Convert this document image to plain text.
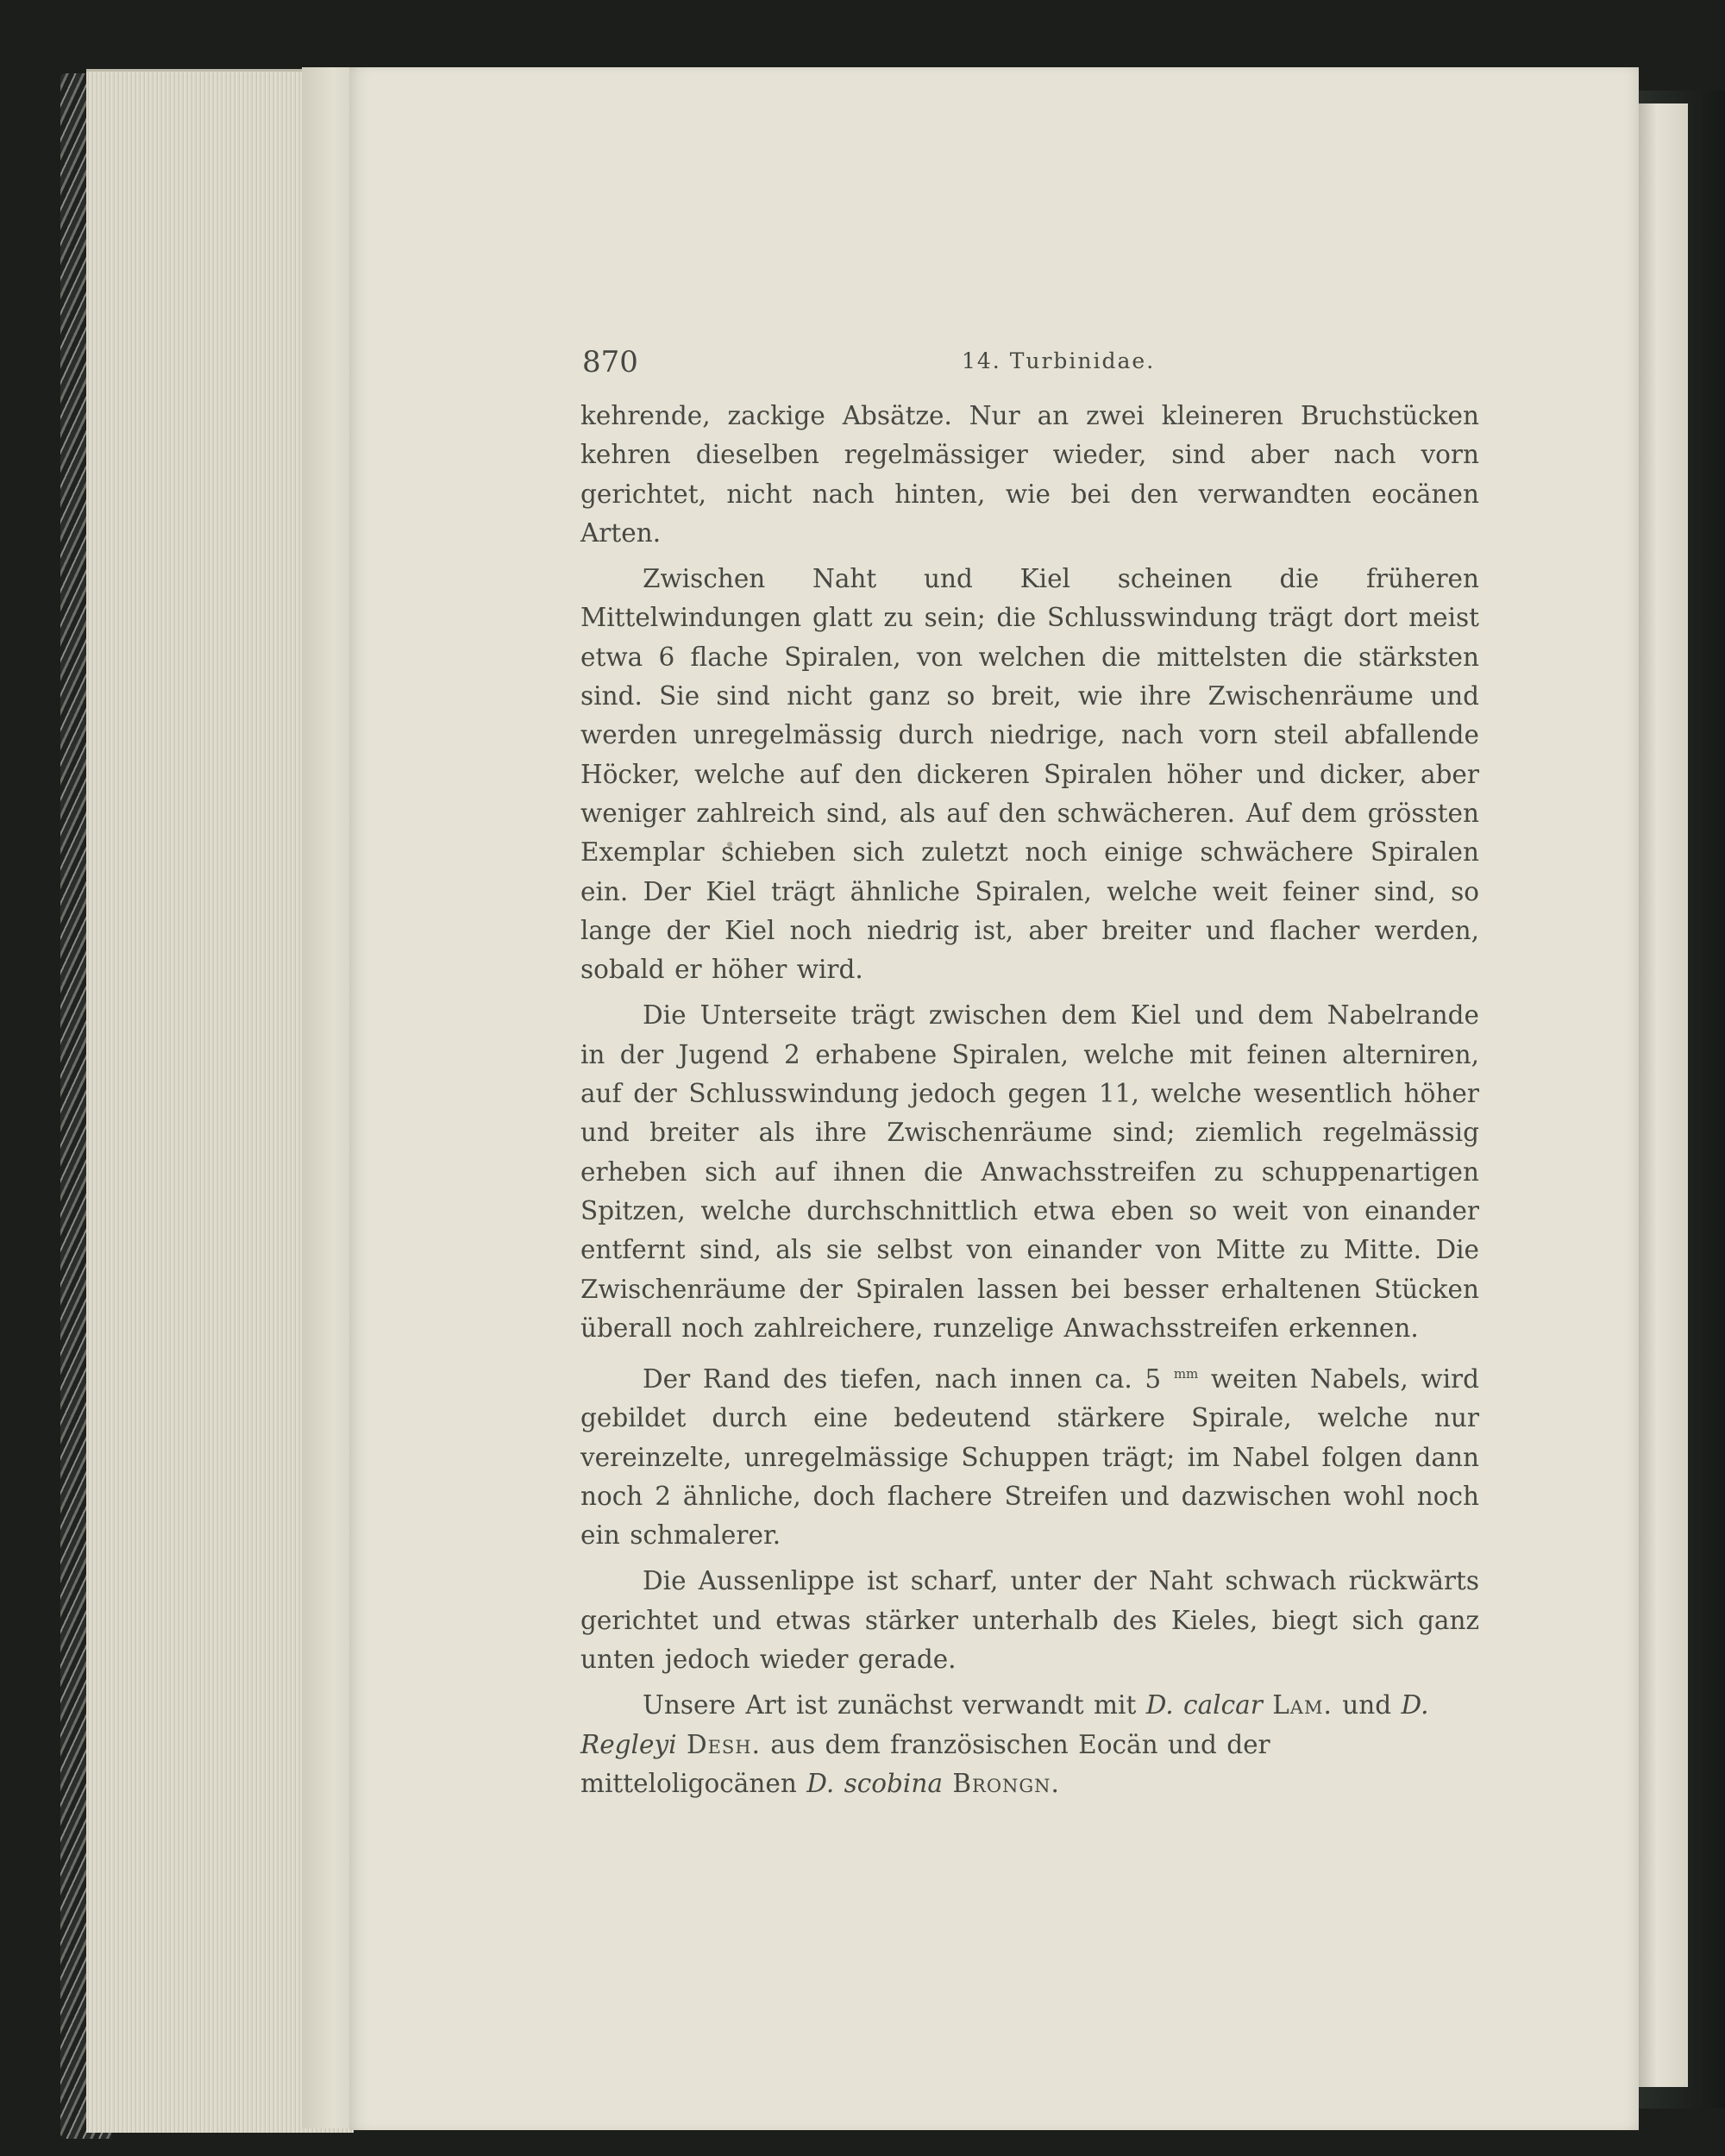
870	14. Turbinidae.

kehrende, zackige Absätze. Nur an zwei kleineren Bruchstücken kehren dieselben regelmässiger wieder, sind aber nach vorn gerichtet, nicht nach hinten, wie bei den verwandten eocänen Arten.

Zwischen Naht und Kiel scheinen die früheren Mittelwindungen glatt zu sein; die Schlusswindung trägt dort meist etwa 6 flache Spiralen, von welchen die mittelsten die stärksten sind. Sie sind nicht ganz so breit, wie ihre Zwischenräume und werden unregelmässig durch niedrige, nach vorn steil abfallende Höcker, welche auf den dickeren Spiralen höher und dicker, aber weniger zahlreich sind, als auf den schwächeren. Auf dem grössten Exemplar schieben sich zuletzt noch einige schwächere Spiralen ein. Der Kiel trägt ähnliche Spiralen, welche weit feiner sind, so lange der Kiel noch niedrig ist, aber breiter und flacher werden, sobald er höher wird.

Die Unterseite trägt zwischen dem Kiel und dem Nabelrande in der Jugend 2 erhabene Spiralen, welche mit feinen alterniren, auf der Schlusswindung jedoch gegen 11, welche wesentlich höher und breiter als ihre Zwischenräume sind; ziemlich regelmässig erheben sich auf ihnen die Anwachsstreifen zu schuppenartigen Spitzen, welche durchschnittlich etwa eben so weit von einander entfernt sind, als sie selbst von einander von Mitte zu Mitte. Die Zwischenräume der Spiralen lassen bei besser erhaltenen Stücken überall noch zahlreichere, runzelige Anwachsstreifen erkennen.

Der Rand des tiefen, nach innen ca. 5 $^{mm}$ weiten Nabels, wird gebildet durch eine bedeutend stärkere Spirale, welche nur vereinzelte, unregelmässige Schuppen trägt; im Nabel folgen dann noch 2 ähnliche, doch flachere Streifen und dazwischen wohl noch ein schmalerer.

Die Aussenlippe ist scharf, unter der Naht schwach rückwärts gerichtet und etwas stärker unterhalb des Kieles, biegt sich ganz unten jedoch wieder gerade.

Unsere Art ist zunächst verwandt mit D. calcar Lam. und D. Regleyi Desh. aus dem französischen Eocän und der mitteloligocänen D. scobina Brongn.
